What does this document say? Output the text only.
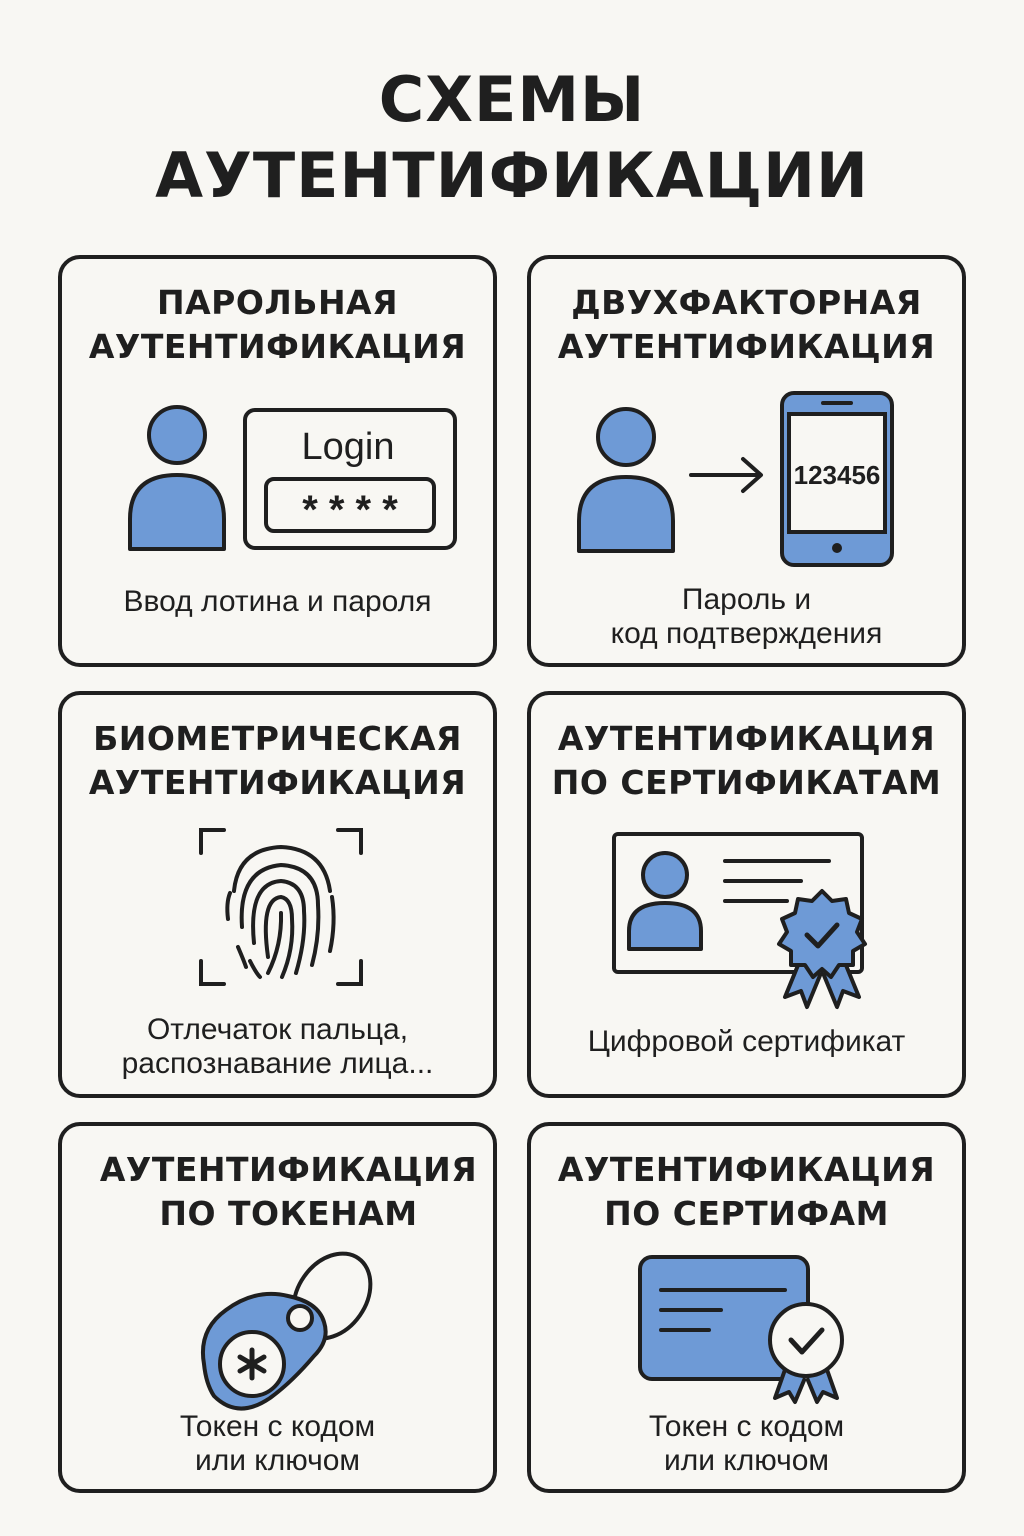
СХЕМЫ
АУТЕНТИФИКАЦИИ
ПАРОЛЬНАЯ
АУТЕНТИФИКАЦИЯ
Login
* * * *
Ввод лотина и пароля
ДВУХФАКТОРНАЯ
АУТЕНТИФИКАЦИЯ
123456
Пароль и
код подтверждения
БИОМЕТРИЧЕСКАЯ
АУТЕНТИФИКАЦИЯ
Отлечаток пальца,
распознавание лица...
АУТЕНТИФИКАЦИЯ
ПО СЕРТИФИКАТАМ
Цифровой сертификат
АУТЕНТИФИКАЦИЯ
ПО ТОКЕНАМ
Токен с кодом
или ключом
АУТЕНТИФИКАЦИЯ
ПО СЕРТИФАМ
Токен с кодом
или ключом
